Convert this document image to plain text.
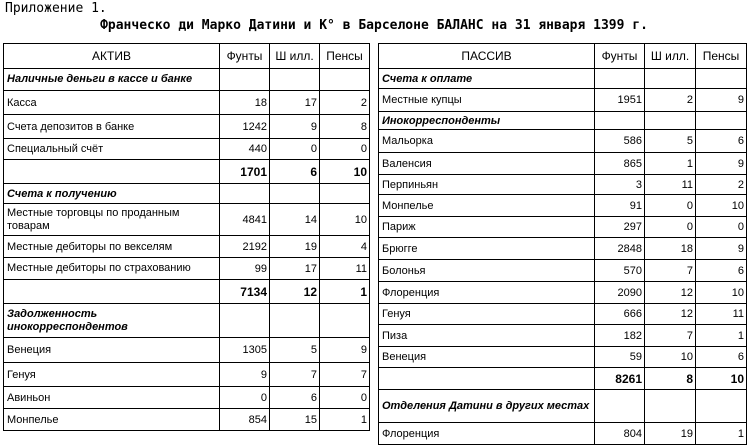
Приложение 1.
Франческо ди Марко Датини и К° в Барселоне БАЛАНС на 31 января 1399 г.
АКТИВ	Фунты	Ш илл.	Пенсы
Наличные деньги в кассе и банке			
Касса	18	17	2
Счета депозитов в банке	1242	9	8
Специальный счёт	440	0	0
	1701	6	10
Счета к получению			
Местные торговцы по проданным товарам	4841	14	10
Местные дебиторы по векселям	2192	19	4
Местные дебиторы по страхованию	99	17	11
	7134	12	1
Задолженность инокорреспондентов			
Венеция	1305	5	9
Генуя	9	7	7
Авиньон	0	6	0
Монпелье	854	15	1
ПАССИВ	Фунты	Ш илл.	Пенсы
Счета к оплате			
Местные купцы	1951	2	9
Инокорреспонденты			
Мальорка	586	5	6
Валенсия	865	1	9
Перпиньян	3	11	2
Монпелье	91	0	10
Париж	297	0	0
Брюгге	2848	18	9
Болонья	570	7	6
Флоренция	2090	12	10
Генуя	666	12	11
Пиза	182	7	1
Венеция	59	10	6
	8261	8	10
Отделения Датини в других местах			
Флоренция	804	19	1
